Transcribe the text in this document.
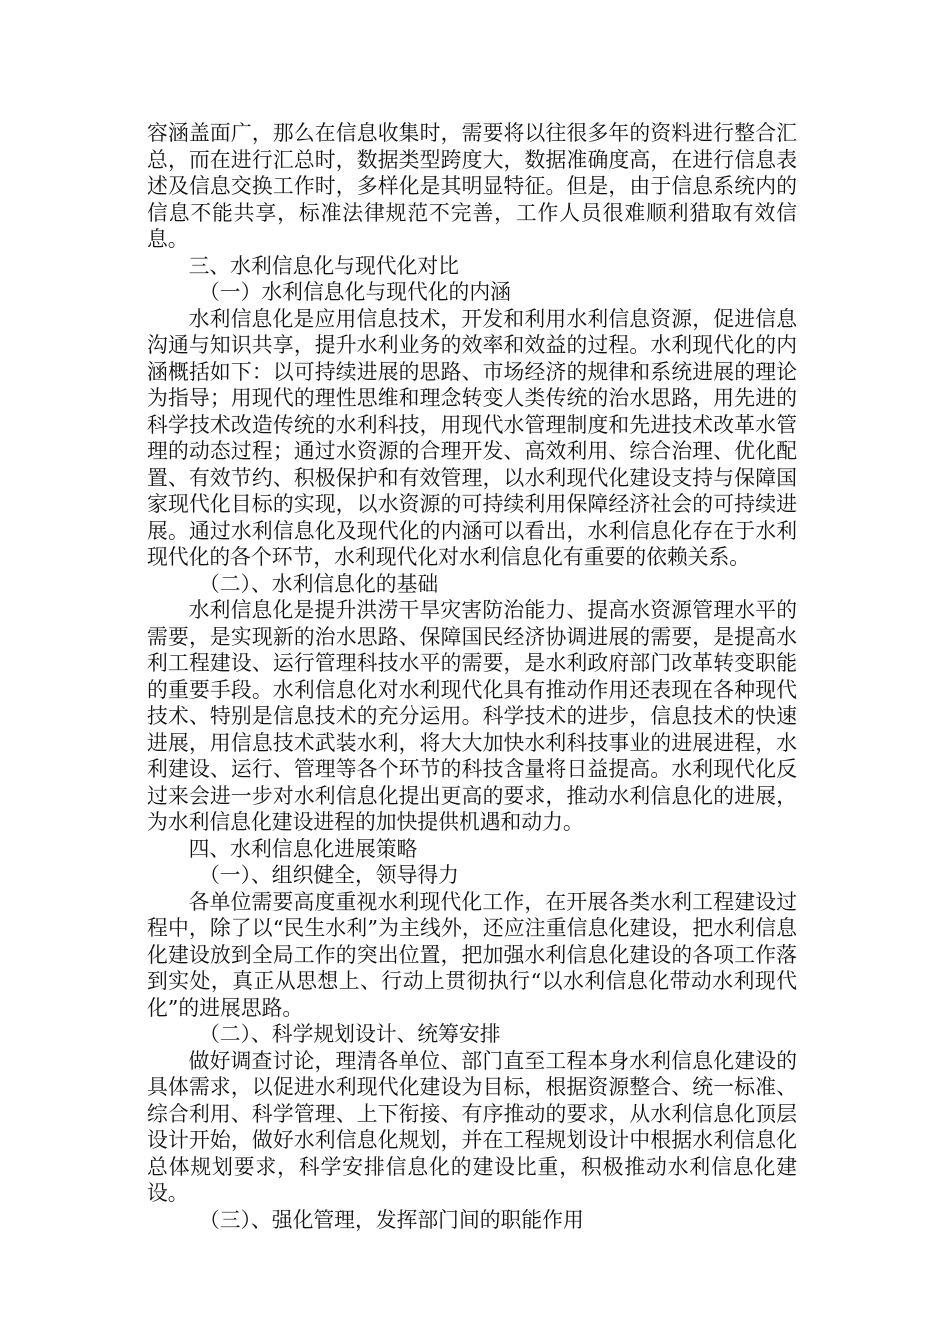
容涵盖面广，那么在信息收集时，需要将以往很多年的资料进行整合汇总，而在进行汇总时，数据类型跨度大，数据准确度高，在进行信息表述及信息交换工作时，多样化是其明显特征。但是，由于信息系统内的信息不能共享，标准法律规范不完善，工作人员很难顺利猎取有效信息。

三、水利信息化与现代化对比

（一）水利信息化与现代化的内涵

水利信息化是应用信息技术，开发和利用水利信息资源，促进信息沟通与知识共享，提升水利业务的效率和效益的过程。水利现代化的内涵概括如下：以可持续进展的思路、市场经济的规律和系统进展的理论为指导；用现代的理性思维和理念转变人类传统的治水思路，用先进的科学技术改造传统的水利科技，用现代水管理制度和先进技术改革水管理的动态过程；通过水资源的合理开发、高效利用、综合治理、优化配置、有效节约、积极保护和有效管理，以水利现代化建设支持与保障国家现代化目标的实现，以水资源的可持续利用保障经济社会的可持续进展。通过水利信息化及现代化的内涵可以看出，水利信息化存在于水利现代化的各个环节，水利现代化对水利信息化有重要的依赖关系。

（二）、水利信息化的基础

水利信息化是提升洪涝干旱灾害防治能力、提高水资源管理水平的需要，是实现新的治水思路、保障国民经济协调进展的需要，是提高水利工程建设、运行管理科技水平的需要，是水利政府部门改革转变职能的重要手段。水利信息化对水利现代化具有推动作用还表现在各种现代技术、特别是信息技术的充分运用。科学技术的进步，信息技术的快速进展，用信息技术武装水利，将大大加快水利科技事业的进展进程，水利建设、运行、管理等各个环节的科技含量将日益提高。水利现代化反过来会进一步对水利信息化提出更高的要求，推动水利信息化的进展，为水利信息化建设进程的加快提供机遇和动力。

四、水利信息化进展策略

（一）、组织健全，领导得力

各单位需要高度重视水利现代化工作，在开展各类水利工程建设过程中，除了以“民生水利”为主线外，还应注重信息化建设，把水利信息化建设放到全局工作的突出位置，把加强水利信息化建设的各项工作落到实处，真正从思想上、行动上贯彻执行“以水利信息化带动水利现代化”的进展思路。

（二）、科学规划设计、统筹安排

做好调查讨论，理清各单位、部门直至工程本身水利信息化建设的具体需求，以促进水利现代化建设为目标，根据资源整合、统一标准、综合利用、科学管理、上下衔接、有序推动的要求，从水利信息化顶层设计开始，做好水利信息化规划，并在工程规划设计中根据水利信息化总体规划要求，科学安排信息化的建设比重，积极推动水利信息化建设。

（三）、强化管理，发挥部门间的职能作用
